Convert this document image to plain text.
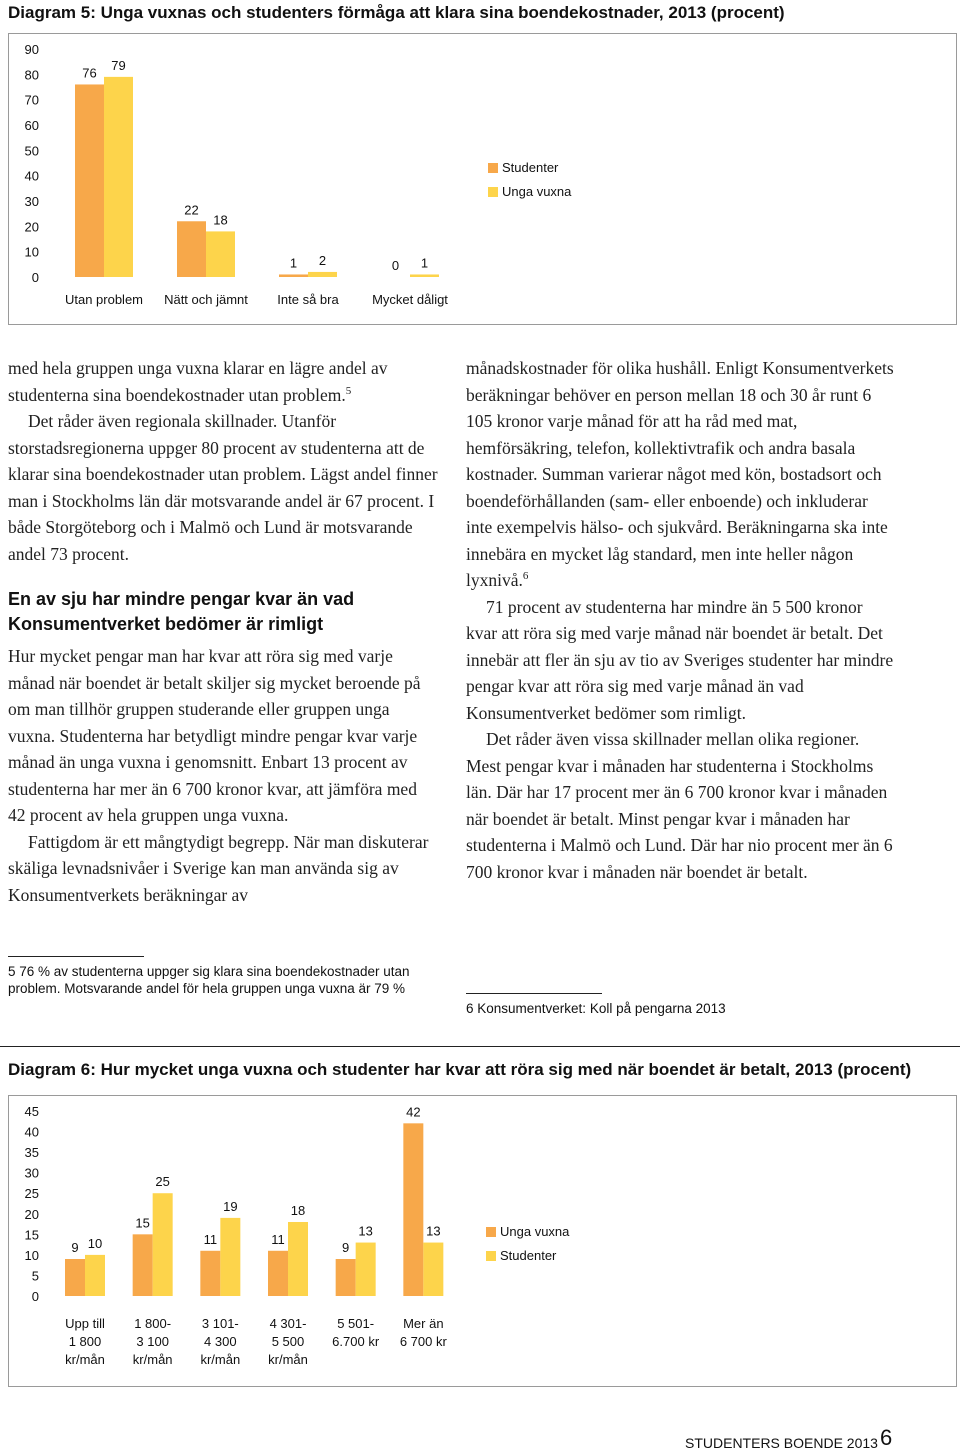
Diagram 5: Unga vuxnas och studenters förmåga att klara sina boendekostnader, 2013 (procent)
0
10
20
30
40
50
60
70
80
90
76
79
Utan problem
22
18
Nätt och jämnt
1 2
Inte så bra
0 1
Mycket dåligt
Studenter
Unga vuxna

med hela gruppen unga vuxna klarar en lägre andel av studenterna sina boendekostnader utan problem.$^5$

Det råder även regionala skillnader. Utanför storstadsregionerna uppger 80 procent av studenterna att de klarar sina boendekostnader utan problem. Lägst andel finner man i Stockholms län där motsvarande andel är 67 procent. I både Storgöteborg och i Malmö och Lund är motsvarande andel 73 procent.

En av sju har mindre pengar kvar än vad Konsumentverket bedömer är rimligt

Hur mycket pengar man har kvar att röra sig med varje månad när boendet är betalt skiljer sig mycket beroende på om man tillhör gruppen studerande eller gruppen unga vuxna. Studenterna har betydligt mindre pengar kvar varje månad än unga vuxna i genomsnitt. Enbart 13 procent av studenterna har mer än 6 700 kronor kvar, att jämföra med 42 procent av hela gruppen unga vuxna.

Fattigdom är ett mångtydigt begrepp. När man diskuterar skäliga levnadsnivåer i Sverige kan man använda sig av Konsumentverkets beräkningar av

5 76 % av studenterna uppger sig klara sina boendekostnader utan problem. Motsvarande andel för hela gruppen unga vuxna är 79 %

månadskostnader för olika hushåll. Enligt Konsumentverkets beräkningar behöver en person mellan 18 och 30 år runt 6 105 kronor varje månad för att ha råd med mat, hemförsäkring, telefon, kollektivtrafik och andra basala kostnader. Summan varierar något med kön, bostadsort och boendeförhållanden (sam- eller enboende) och inkluderar inte exempelvis hälso- och sjukvård. Beräkningarna ska inte innebära en mycket låg standard, men inte heller någon lyxnivå.$^6$

71 procent av studenterna har mindre än 5 500 kronor kvar att röra sig med varje månad när boendet är betalt. Det innebär att fler än sju av tio av Sveriges studenter har mindre pengar kvar att röra sig med varje månad än vad Konsumentverket bedömer som rimligt.

Det råder även vissa skillnader mellan olika regioner. Mest pengar kvar i månaden har studenterna i Stockholms län. Där har 17 procent mer än 6 700 kronor kvar i månaden när boendet är betalt. Minst pengar kvar i månaden har studenterna i Malmö och Lund. Där har nio procent mer än 6 700 kronor kvar i månaden när boendet är betalt.

6 Konsumentverket: Koll på pengarna 2013
Diagram 6: Hur mycket unga vuxna och studenter har kvar att röra sig med när boendet är betalt, 2013 (procent)
0
5
10
15
20
25
30
35
40
45
9 10
Upp till
1 800
kr/mån
15
25
1 800-
3 100
kr/mån
11
19
3 101-
4 300
kr/mån
11
18
4 301-
5 500
kr/mån
9
13
5 501-
6.700 kr
42
13
Mer än
6 700 kr
Unga vuxna
Studenter
STUDENTERS BOENDE 2013 6
